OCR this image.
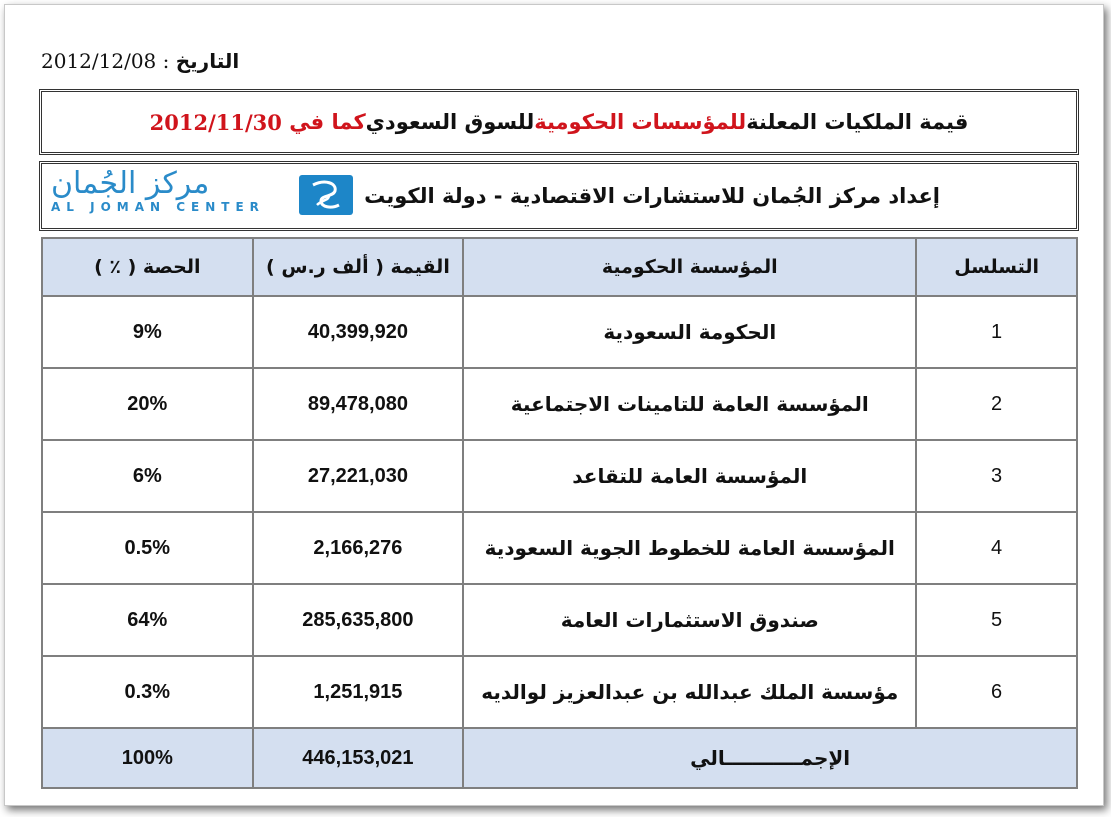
التاريخ : 2012/12/08
قيمة الملكيات المعلنة
للمؤسسات الحكومية
للسوق السعودي
كما في

2012/11/30
إعداد مركز الجُمان للاستشارات الاقتصادية - دولة الكويت
مركز الجُمان
AL JOMAN CENTER
التسلسل	المؤسسة الحكومية	القيمة ( ألف ر.س )	الحصة ( ٪ )
1	الحكومة السعودية	40,399,920	9%
2	المؤسسة العامة للتامينات الاجتماعية	89,478,080	20%
3	المؤسسة العامة للتقاعد	27,221,030	6%
4	المؤسسة العامة للخطوط الجوية السعودية	2,166,276	0.5%
5	صندوق الاستثمارات العامة	285,635,800	64%
6	مؤسسة الملك عبدالله بن عبدالعزيز لوالديه	1,251,915	0.3%
الإجمـــــــــــالي		446,153,021	100%
